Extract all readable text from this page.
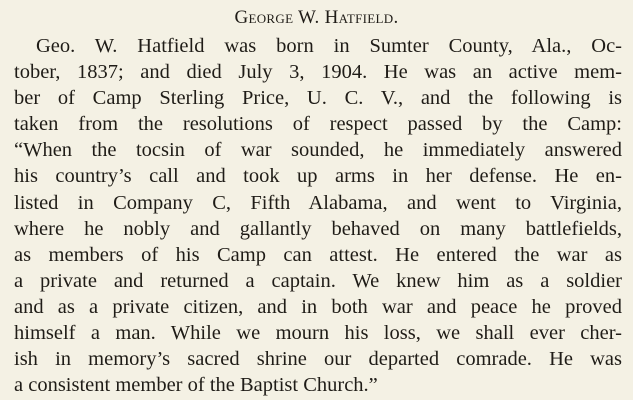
George W. Hatfield.
Geo. W. Hatfield was born in Sumter County, Ala., Oc-
tober, 1837; and died July 3, 1904. He was an active mem-
ber of Camp Sterling Price, U. C. V., and the following is
taken from the resolutions of respect passed by the Camp:
“When the tocsin of war sounded, he immediately answered
his country’s call and took up arms in her defense. He en-
listed in Company C, Fifth Alabama, and went to Virginia,
where he nobly and gallantly behaved on many battlefields,
as members of his Camp can attest. He entered the war as
a private and returned a captain. We knew him as a soldier
and as a private citizen, and in both war and peace he proved
himself a man. While we mourn his loss, we shall ever cher-
ish in memory’s sacred shrine our departed comrade. He was
a consistent member of the Baptist Church.”
